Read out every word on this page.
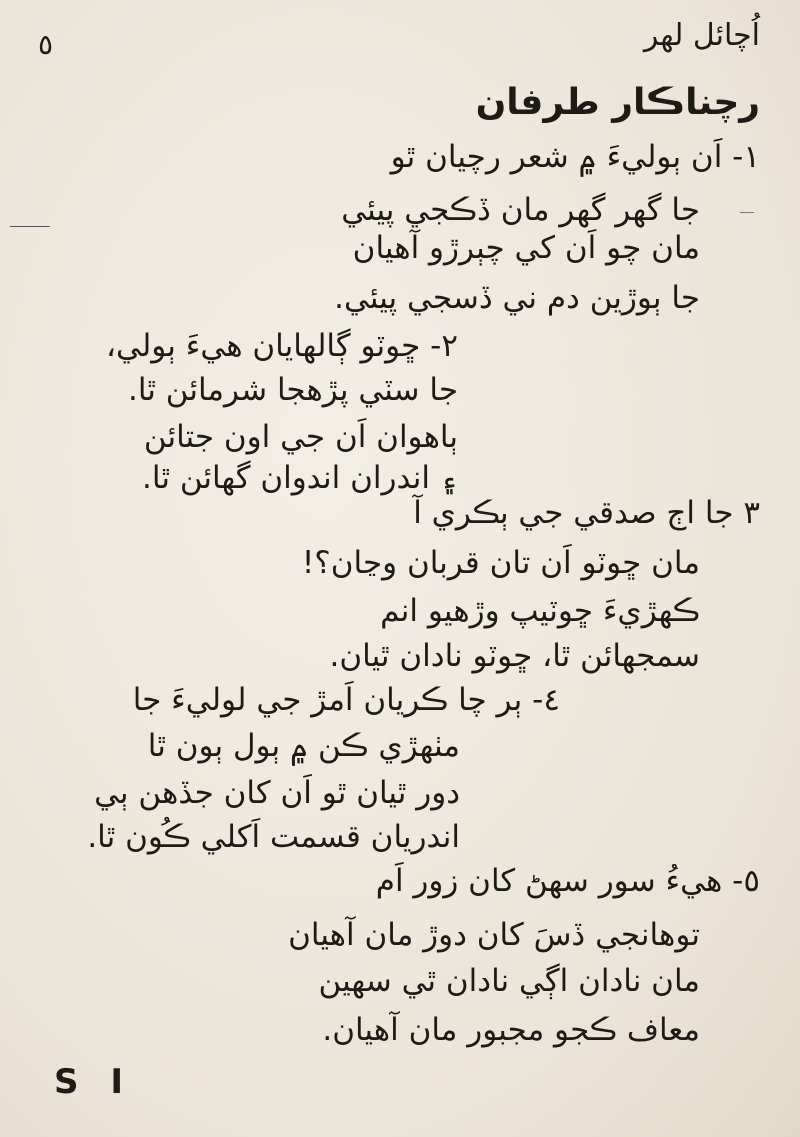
اُچائل لهر
٥
رچناڪار طرفان
١- اَن ٻوليءَ ۾ شعر رچيان ٿو
جا گهر گهر مان ڏڪجي پيئي
مان چو اَن کي چٻرڙو آهيان
جا ٻوڙين دم ني ڏسجي پيئي.
٢- ڇوٽو ڳالهايان هيءَ ٻولي،
جا سٽي پڙهجا شرمائن ٿا.
ٻاهوان اَن جي اون جتائن
۽ اندران اندوان گهائن ٿا.
٣ جا اڄ صدقي جي ٻڪري آ
مان ڇوٽو اَن تان قربان وڃان؟!
ڪهڙيءَ ڇوٽيپ وڙهيو انم
سمجهائن ٿا، ڇوٽو نادان ٿيان.
٤- ٻر چا ڪريان اَمڙ جي لوليءَ جا
مٺهڙي ڪن ۾ ٻول ٻون ٿا
دور ٿيان ٿو اَن کان جڏهن ٻي
اندريان قسمت اَکلي ڪُون ٿا.
٥- هيءُ سور سهڻ کان زور اَم
توهانجي ڏسَ کان دوڙ مان آهيان
مان نادان اڳي نادان ٿي سهين
معاف ڪجو مجبور مان آهيان.
S I
